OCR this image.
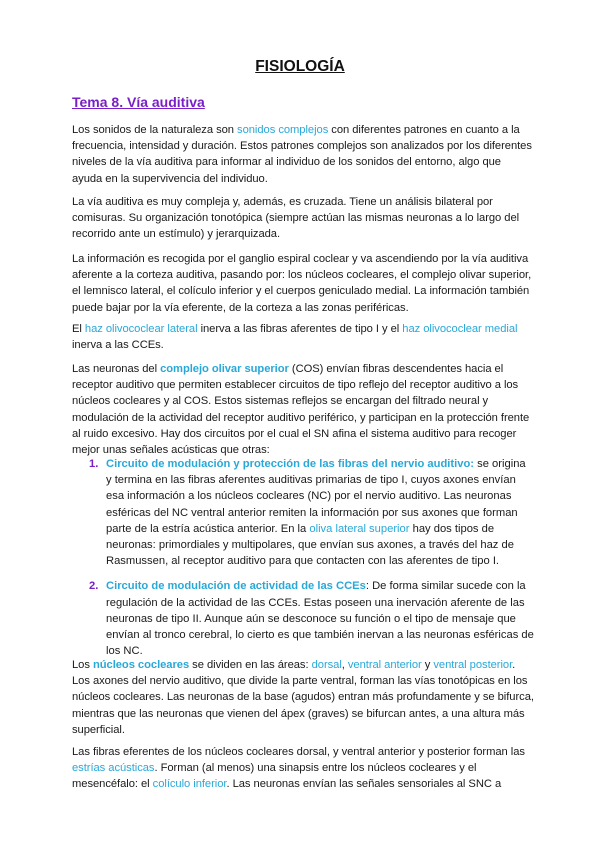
FISIOLOGÍA
Tema 8. Vía auditiva

Los sonidos de la naturaleza son sonidos complejos con diferentes patrones en cuanto a la frecuencia, intensidad y duración. Estos patrones complejos son analizados por los diferentes niveles de la vía auditiva para informar al individuo de los sonidos del entorno, algo que ayuda en la supervivencia del individuo.

La vía auditiva es muy compleja y, además, es cruzada. Tiene un análisis bilateral por comisuras. Su organización tonotópica (siempre actúan las mismas neuronas a lo largo del recorrido ante un estímulo) y jerarquizada.

La información es recogida por el ganglio espiral coclear y va ascendiendo por la vía auditiva aferente a la corteza auditiva, pasando por: los núcleos cocleares, el complejo olivar superior, el lemnisco lateral, el colículo inferior y el cuerpos geniculado medial. La información también puede bajar por la vía eferente, de la corteza a las zonas periféricas.

El haz olivococlear lateral inerva a las fibras aferentes de tipo I y el haz olivococlear medial inerva a las CCEs.

Las neuronas del complejo olivar superior (COS) envían fibras descendentes hacia el receptor auditivo que permiten establecer circuitos de tipo reflejo del receptor auditivo a los núcleos cocleares y al COS. Estos sistemas reflejos se encargan del filtrado neural y modulación de la actividad del receptor auditivo periférico, y participan en la protección frente al ruido excesivo. Hay dos circuitos por el cual el SN afina el sistema auditivo para recoger mejor unas señales acústicas que otras:

1. Circuito de modulación y protección de las fibras del nervio auditivo: se origina y termina en las fibras aferentes auditivas primarias de tipo I, cuyos axones envían esa información a los núcleos cocleares (NC) por el nervio auditivo. Las neuronas esféricas del NC ventral anterior remiten la información por sus axones que forman parte de la estría acústica anterior. En la oliva lateral superior hay dos tipos de neuronas: primordiales y multipolares, que envían sus axones, a través del haz de Rasmussen, al receptor auditivo para que contacten con las aferentes de tipo I.
2. Circuito de modulación de actividad de las CCEs: De forma similar sucede con la regulación de la actividad de las CCEs. Estas poseen una inervación aferente de las neuronas de tipo II. Aunque aún se desconoce su función o el tipo de mensaje que envían al tronco cerebral, lo cierto es que también inervan a las neuronas esféricas de los NC.

Los núcleos cocleares se dividen en las áreas: dorsal, ventral anterior y ventral posterior. Los axones del nervio auditivo, que divide la parte ventral, forman las vías tonotópicas en los núcleos cocleares. Las neuronas de la base (agudos) entran más profundamente y se bifurca, mientras que las neuronas que vienen del ápex (graves) se bifurcan antes, a una altura más superficial.

Las fibras eferentes de los núcleos cocleares dorsal, y ventral anterior y posterior forman las estrías acústicas. Forman (al menos) una sinapsis entre los núcleos cocleares y el mesencéfalo: el colículo inferior. Las neuronas envían las señales sensoriales al SNC a
